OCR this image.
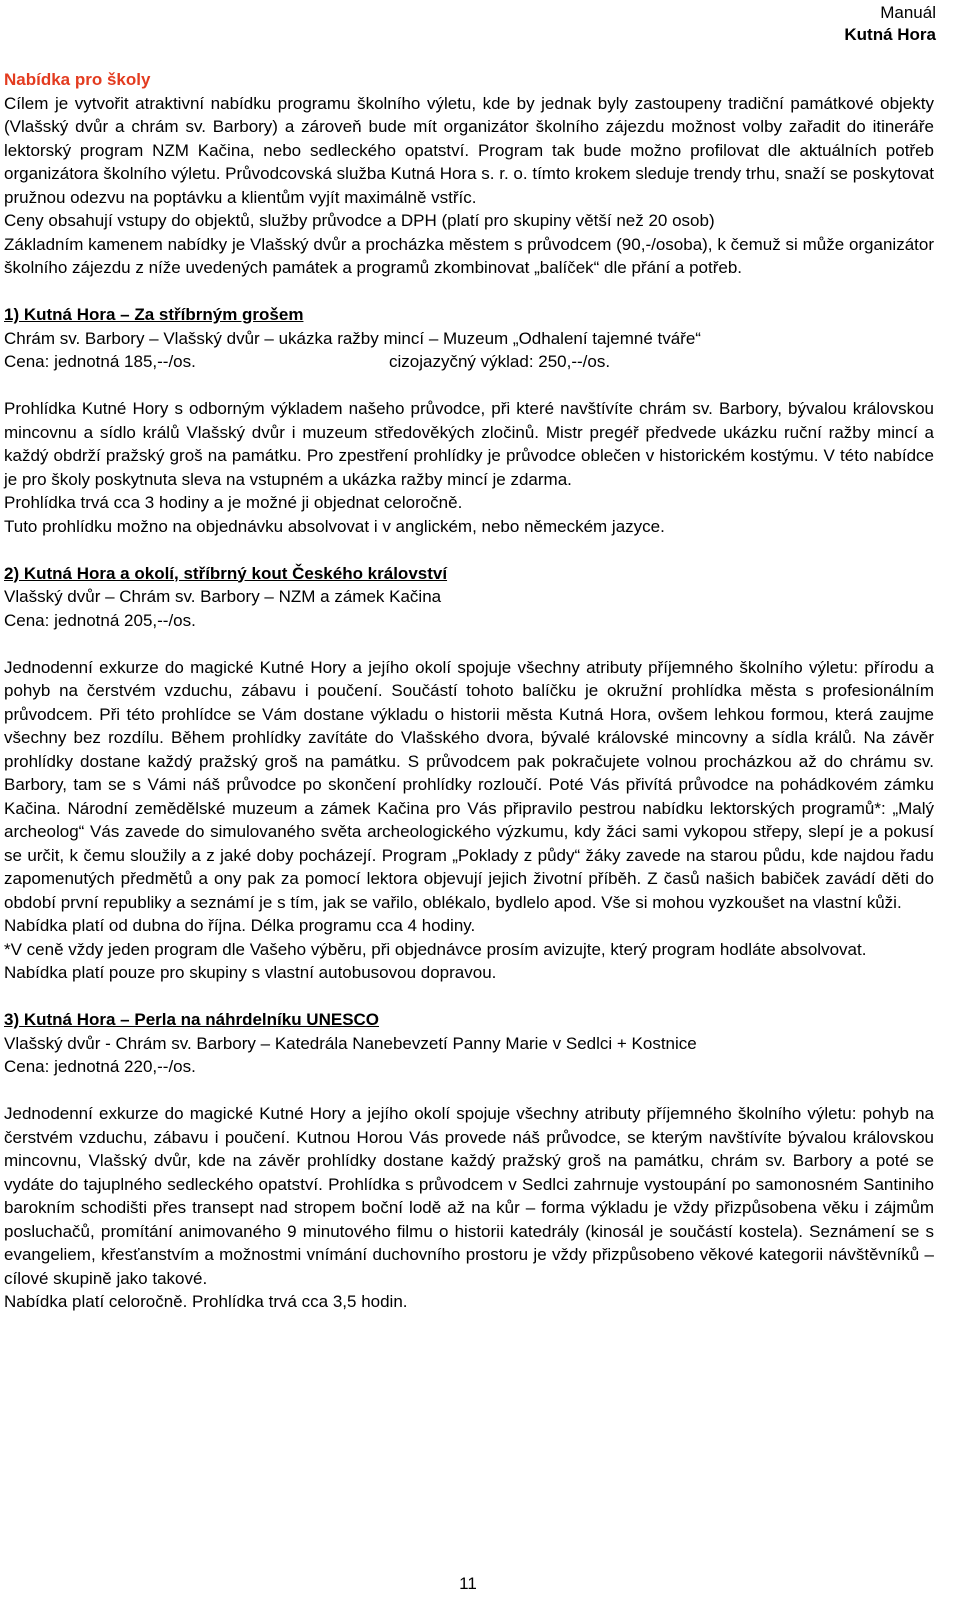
Manuál
Kutná Hora
Nabídka pro školy

Cílem je vytvořit atraktivní nabídku programu školního výletu, kde by jednak byly zastoupeny tradiční památkové objekty (Vlašský dvůr a chrám sv. Barbory) a zároveň bude mít organizátor školního zájezdu možnost volby zařadit do itineráře lektorský program NZM Kačina, nebo sedleckého opatství. Program tak bude možno profilovat dle aktuálních potřeb organizátora školního výletu. Průvodcovská služba Kutná Hora s. r. o. tímto krokem sleduje trendy trhu, snaží se poskytovat pružnou odezvu na poptávku a klientům vyjít maximálně vstříc.

Ceny obsahují vstupy do objektů, služby průvodce a DPH (platí pro skupiny větší než 20 osob)

Základním kamenem nabídky je Vlašský dvůr a procházka městem s průvodcem (90,-/osoba), k čemuž si může organizátor školního zájezdu z níže uvedených památek a programů zkombinovat „balíček“ dle přání a potřeb.

1) Kutná Hora – Za stříbrným grošem
Chrám sv. Barbory – Vlašský dvůr – ukázka ražby mincí – Muzeum „Odhalení tajemné tváře“
Cena: jednotná 185,--/os.	cizojazyčný výklad: 250,--/os.

Prohlídka Kutné Hory s odborným výkladem našeho průvodce, při které navštívíte chrám sv. Barbory, bývalou královskou mincovnu a sídlo králů Vlašský dvůr i muzeum středověkých zločinů. Mistr pregéř předvede ukázku ruční ražby mincí a každý obdrží pražský groš na památku. Pro zpestření prohlídky je průvodce oblečen v historickém kostýmu. V této nabídce je pro školy poskytnuta sleva na vstupném a ukázka ražby mincí je zdarma.

Prohlídka trvá cca 3 hodiny a je možné ji objednat celoročně.

Tuto prohlídku možno na objednávku absolvovat i v anglickém, nebo německém jazyce.

2) Kutná Hora a okolí, stříbrný kout Českého království
Vlašský dvůr – Chrám sv. Barbory – NZM a zámek Kačina
Cena: jednotná 205,--/os.

Jednodenní exkurze do magické Kutné Hory a jejího okolí spojuje všechny atributy příjemného školního výletu: přírodu a pohyb na čerstvém vzduchu, zábavu i poučení. Součástí tohoto balíčku je okružní prohlídka města s profesionálním průvodcem. Při této prohlídce se Vám dostane výkladu o historii města Kutná Hora, ovšem lehkou formou, která zaujme všechny bez rozdílu. Během prohlídky zavítáte do Vlašského dvora, bývalé královské mincovny a sídla králů. Na závěr prohlídky dostane každý pražský groš na památku. S průvodcem pak pokračujete volnou procházkou až do chrámu sv. Barbory, tam se s Vámi náš průvodce po skončení prohlídky rozloučí. Poté Vás přivítá průvodce na pohádkovém zámku Kačina. Národní zemědělské muzeum a zámek Kačina pro Vás připravilo pestrou nabídku lektorských programů*: „Malý archeolog“ Vás zavede do simulovaného světa archeologického výzkumu, kdy žáci sami vykopou střepy, slepí je a pokusí se určit, k čemu sloužily a z jaké doby pocházejí. Program „Poklady z půdy“ žáky zavede na starou půdu, kde najdou řadu zapomenutých předmětů a ony pak za pomocí lektora objevují jejich životní příběh. Z časů našich babiček zavádí děti do období první republiky a seznámí je s tím, jak se vařilo, oblékalo, bydlelo apod. Vše si mohou vyzkoušet na vlastní kůži.

Nabídka platí od dubna do října. Délka programu cca 4 hodiny.

*V ceně vždy jeden program dle Vašeho výběru, při objednávce prosím avizujte, který program hodláte absolvovat.

Nabídka platí pouze pro skupiny s vlastní autobusovou dopravou.

3) Kutná Hora – Perla na náhrdelníku UNESCO
Vlašský dvůr - Chrám sv. Barbory – Katedrála Nanebevzetí Panny Marie v Sedlci + Kostnice
Cena: jednotná 220,--/os.

Jednodenní exkurze do magické Kutné Hory a jejího okolí spojuje všechny atributy příjemného školního výletu: pohyb na čerstvém vzduchu, zábavu i poučení. Kutnou Horou Vás provede náš průvodce, se kterým navštívíte bývalou královskou mincovnu, Vlašský dvůr, kde na závěr prohlídky dostane každý pražský groš na památku, chrám sv. Barbory a poté se vydáte do tajuplného sedleckého opatství. Prohlídka s průvodcem v Sedlci zahrnuje vystoupání po samonosném Santiniho barokním schodišti přes transept nad stropem boční lodě až na kůr – forma výkladu je vždy přizpůsobena věku i zájmům posluchačů, promítání animovaného 9 minutového filmu o historii katedrály (kinosál je součástí kostela). Seznámení se s evangeliem, křesťanstvím a možnostmi vnímání duchovního prostoru je vždy přizpůsobeno věkové kategorii návštěvníků – cílové skupině jako takové.

Nabídka platí celoročně. Prohlídka trvá cca 3,5 hodin.

11
